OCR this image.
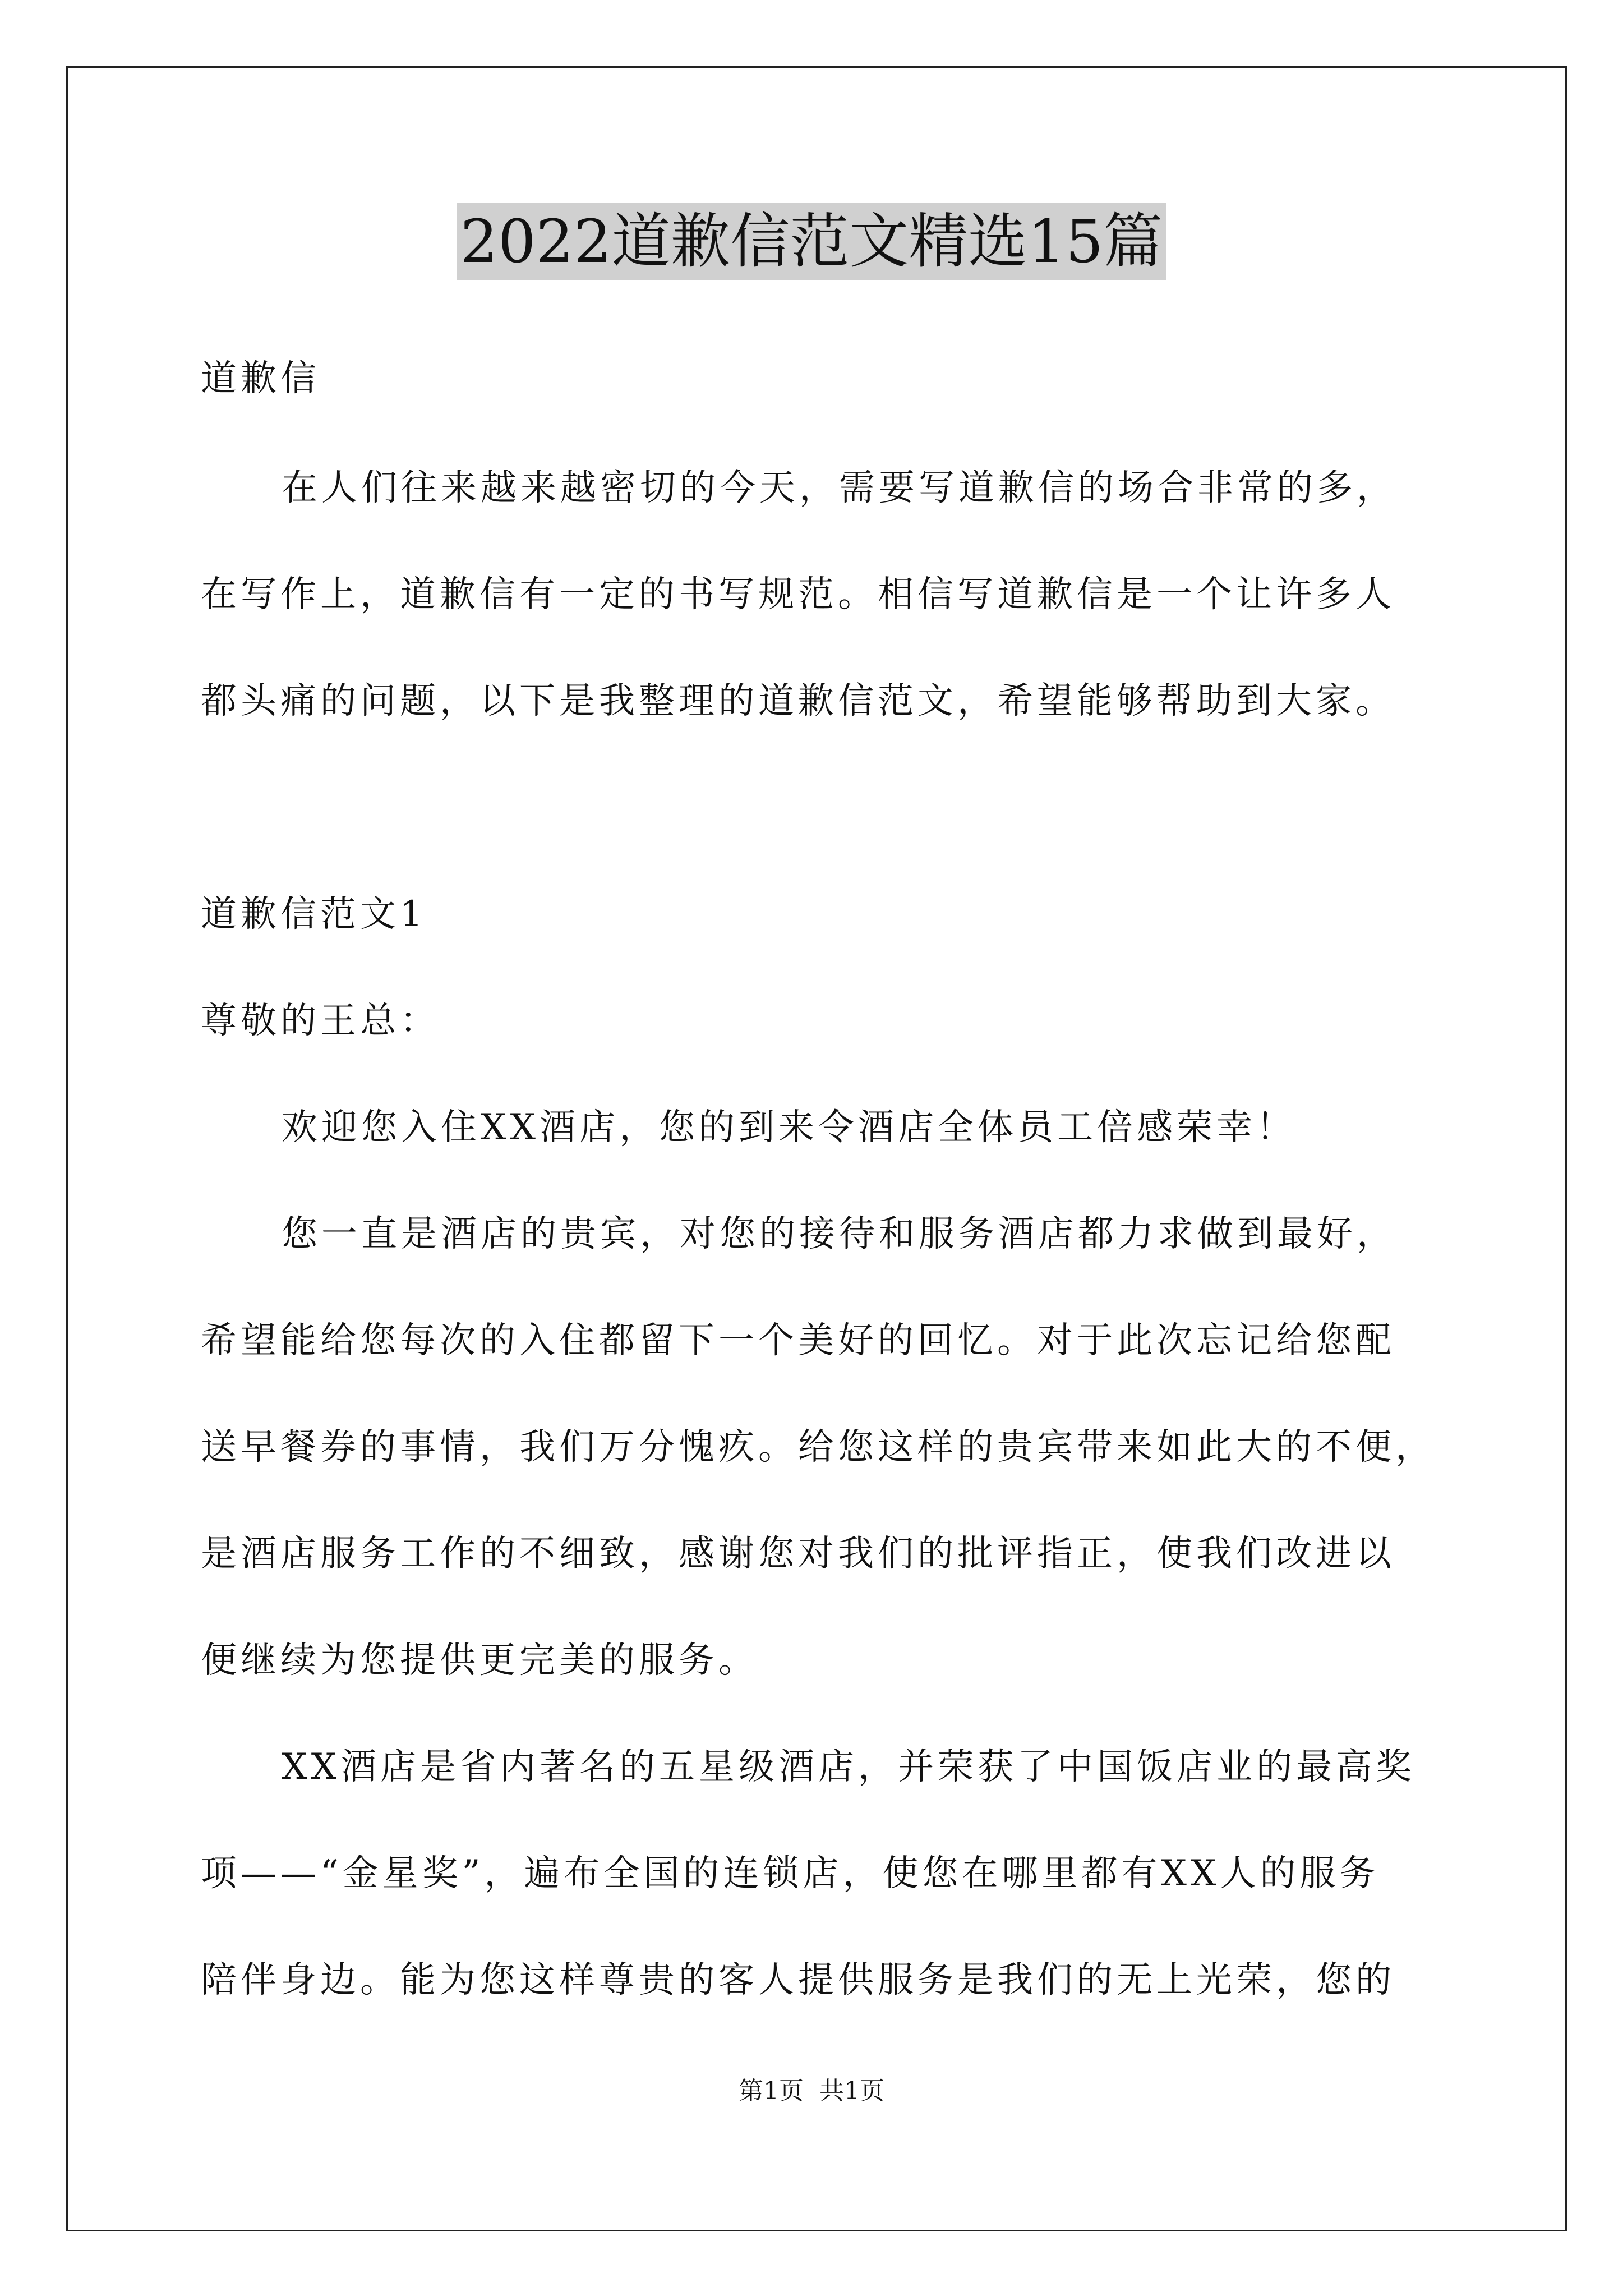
2022道歉信范文精选15篇
道歉信
在人们往来越来越密切的今天，需要写道歉信的场合非常的多，
在写作上，道歉信有一定的书写规范。相信写道歉信是一个让许多人
都头痛的问题，以下是我整理的道歉信范文，希望能够帮助到大家。
道歉信范文1
尊敬的王总：
欢迎您入住XX酒店，您的到来令酒店全体员工倍感荣幸！
您一直是酒店的贵宾，对您的接待和服务酒店都力求做到最好，
希望能给您每次的入住都留下一个美好的回忆。对于此次忘记给您配
送早餐券的事情，我们万分愧疚。给您这样的贵宾带来如此大的不便，
是酒店服务工作的不细致，感谢您对我们的批评指正，使我们改进以
便继续为您提供更完美的服务。
XX酒店是省内著名的五星级酒店，并荣获了中国饭店业的最高奖
项——“金星奖”，遍布全国的连锁店，使您在哪里都有XX人的服务
陪伴身边。能为您这样尊贵的客人提供服务是我们的无上光荣，您的
第1页 共1页
